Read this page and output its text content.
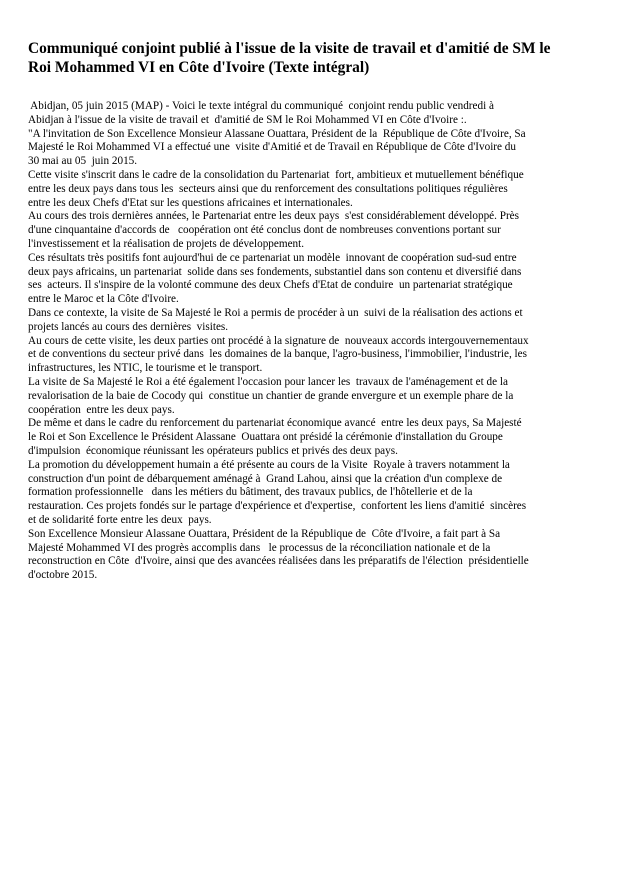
Communiqué conjoint publié à l'issue de la visite de travail et d'amitié de SM le
Roi Mohammed VI en Côte d'Ivoire (Texte intégral)
Abidjan, 05 juin 2015 (MAP) - Voici le texte intégral du communiqué  conjoint rendu public vendredi à
Abidjan à l'issue de la visite de travail et  d'amitié de SM le Roi Mohammed VI en Côte d'Ivoire :.
"A l'invitation de Son Excellence Monsieur Alassane Ouattara, Président de la  République de Côte d'Ivoire, Sa
Majesté le Roi Mohammed VI a effectué une  visite d'Amitié et de Travail en République de Côte d'Ivoire du
30 mai au 05  juin 2015.
Cette visite s'inscrit dans le cadre de la consolidation du Partenariat  fort, ambitieux et mutuellement bénéfique
entre les deux pays dans tous les  secteurs ainsi que du renforcement des consultations politiques régulières
entre les deux Chefs d'Etat sur les questions africaines et internationales.
Au cours des trois dernières années, le Partenariat entre les deux pays  s'est considérablement développé. Près
d'une cinquantaine d'accords de   coopération ont été conclus dont de nombreuses conventions portant sur
l'investissement et la réalisation de projets de développement.
Ces résultats très positifs font aujourd'hui de ce partenariat un modèle  innovant de coopération sud-sud entre
deux pays africains, un partenariat  solide dans ses fondements, substantiel dans son contenu et diversifié dans
ses  acteurs. Il s'inspire de la volonté commune des deux Chefs d'Etat de conduire  un partenariat stratégique
entre le Maroc et la Côte d'Ivoire.
Dans ce contexte, la visite de Sa Majesté le Roi a permis de procéder à un  suivi de la réalisation des actions et
projets lancés au cours des dernières  visites.
Au cours de cette visite, les deux parties ont procédé à la signature de  nouveaux accords intergouvernementaux
et de conventions du secteur privé dans  les domaines de la banque, l'agro-business, l'immobilier, l'industrie, les
infrastructures, les NTIC, le tourisme et le transport.
La visite de Sa Majesté le Roi a été également l'occasion pour lancer les  travaux de l'aménagement et de la
revalorisation de la baie de Cocody qui  constitue un chantier de grande envergure et un exemple phare de la
coopération  entre les deux pays.
De même et dans le cadre du renforcement du partenariat économique avancé  entre les deux pays, Sa Majesté
le Roi et Son Excellence le Président Alassane  Ouattara ont présidé la cérémonie d'installation du Groupe
d'impulsion  économique réunissant les opérateurs publics et privés des deux pays.
La promotion du développement humain a été présente au cours de la Visite  Royale à travers notamment la
construction d'un point de débarquement aménagé à  Grand Lahou, ainsi que la création d'un complexe de
formation professionnelle   dans les métiers du bâtiment, des travaux publics, de l'hôtellerie et de la
restauration. Ces projets fondés sur le partage d'expérience et d'expertise,  confortent les liens d'amitié  sincères
et de solidarité forte entre les deux  pays.
Son Excellence Monsieur Alassane Ouattara, Président de la République de  Côte d'Ivoire, a fait part à Sa
Majesté Mohammed VI des progrès accomplis dans   le processus de la réconciliation nationale et de la
reconstruction en Côte  d'Ivoire, ainsi que des avancées réalisées dans les préparatifs de l'élection  présidentielle
d'octobre 2015.
